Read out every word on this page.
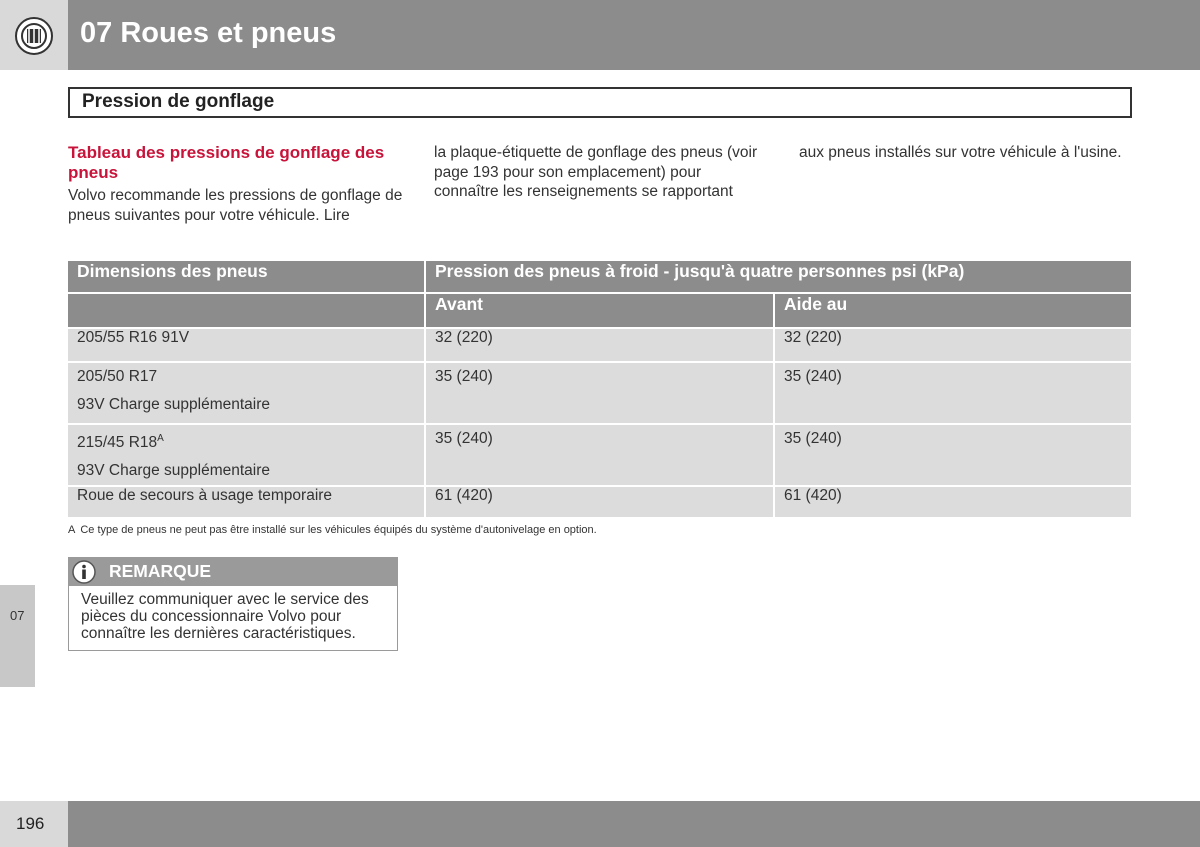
07 Roues et pneus
Pression de gonflage
Tableau des pressions de gonflage des pneus
Volvo recommande les pressions de gonflage de pneus suivantes pour votre véhicule. Lire
la plaque-étiquette de gonflage des pneus (voir page 193 pour son emplacement) pour connaître les renseignements se rapportant
aux pneus installés sur votre véhicule à l'usine.
Dimensions des pneus	Pression des pneus à froid - jusqu'à quatre personnes psi (kPa)	
	Avant	Aide au
205/55 R16 91V	32 (220)	32 (220)

205/50 R17
93V Charge supplémentaire	35 (240)	35 (240)

215/45 $R18^A$
93V Charge supplémentaire	35 (240)	35 (240)
Roue de secours à usage temporaire	61 (420)	61 (420)
A Ce type de pneus ne peut pas être installé sur les véhicules équipés du système d'autonivelage en option.
REMARQUE
Veuillez communiquer avec le service des pièces du concessionnaire Volvo pour connaître les dernières caractéristiques.
07
196
